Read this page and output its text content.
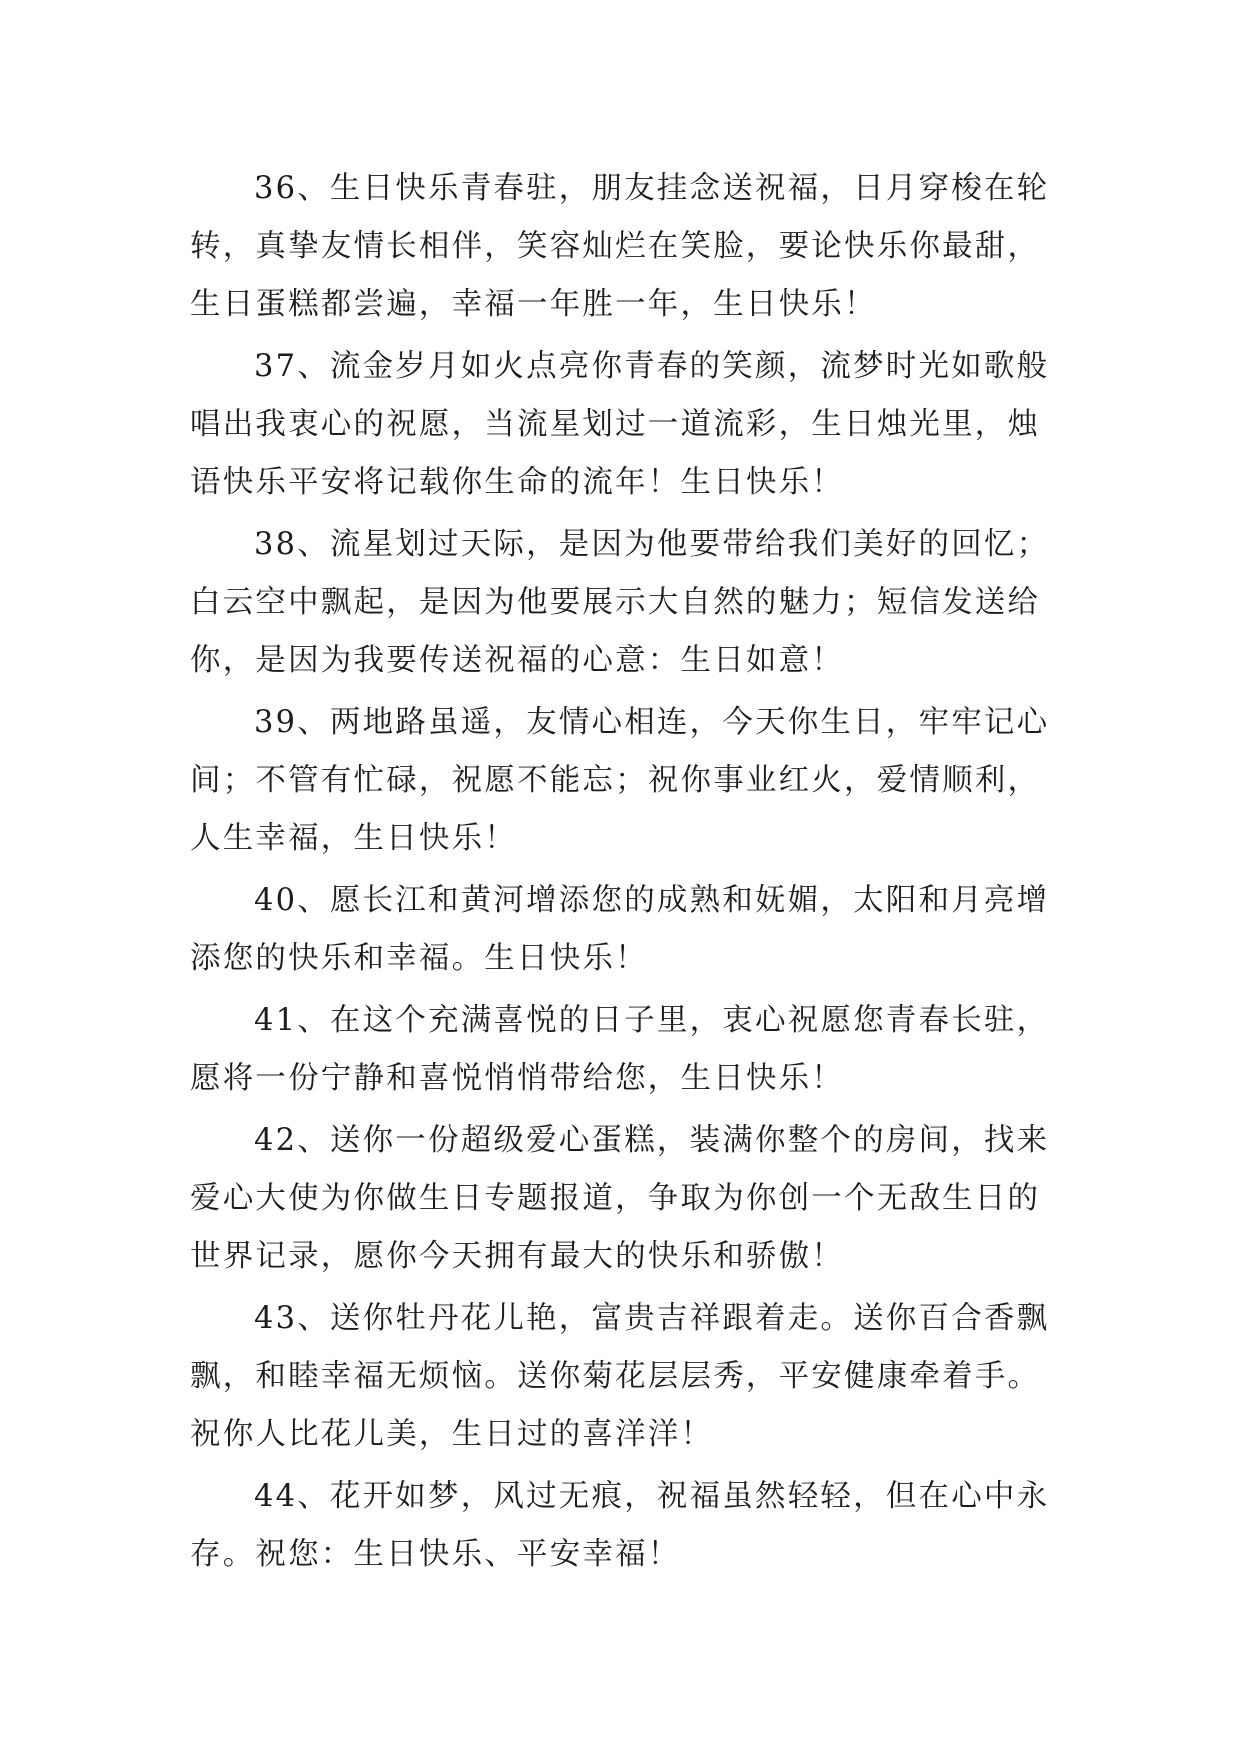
36、生日快乐青春驻，朋友挂念送祝福，日月穿梭在轮转，真挚友情长相伴，笑容灿烂在笑脸，要论快乐你最甜，生日蛋糕都尝遍，幸福一年胜一年，生日快乐！

37、流金岁月如火点亮你青春的笑颜，流梦时光如歌般唱出我衷心的祝愿，当流星划过一道流彩，生日烛光里，烛语快乐平安将记载你生命的流年！生日快乐！

38、流星划过天际，是因为他要带给我们美好的回忆；白云空中飘起，是因为他要展示大自然的魅力；短信发送给你，是因为我要传送祝福的心意：生日如意！

39、两地路虽遥，友情心相连，今天你生日，牢牢记心间；不管有忙碌，祝愿不能忘；祝你事业红火，爱情顺利，人生幸福，生日快乐！

40、愿长江和黄河增添您的成熟和妩媚，太阳和月亮增添您的快乐和幸福。生日快乐！

41、在这个充满喜悦的日子里，衷心祝愿您青春长驻，愿将一份宁静和喜悦悄悄带给您，生日快乐！

42、送你一份超级爱心蛋糕，装满你整个的房间，找来爱心大使为你做生日专题报道，争取为你创一个无敌生日的世界记录，愿你今天拥有最大的快乐和骄傲！

43、送你牡丹花儿艳，富贵吉祥跟着走。送你百合香飘飘，和睦幸福无烦恼。送你菊花层层秀，平安健康牵着手。祝你人比花儿美，生日过的喜洋洋！

44、花开如梦，风过无痕，祝福虽然轻轻，但在心中永存。祝您：生日快乐、平安幸福！
